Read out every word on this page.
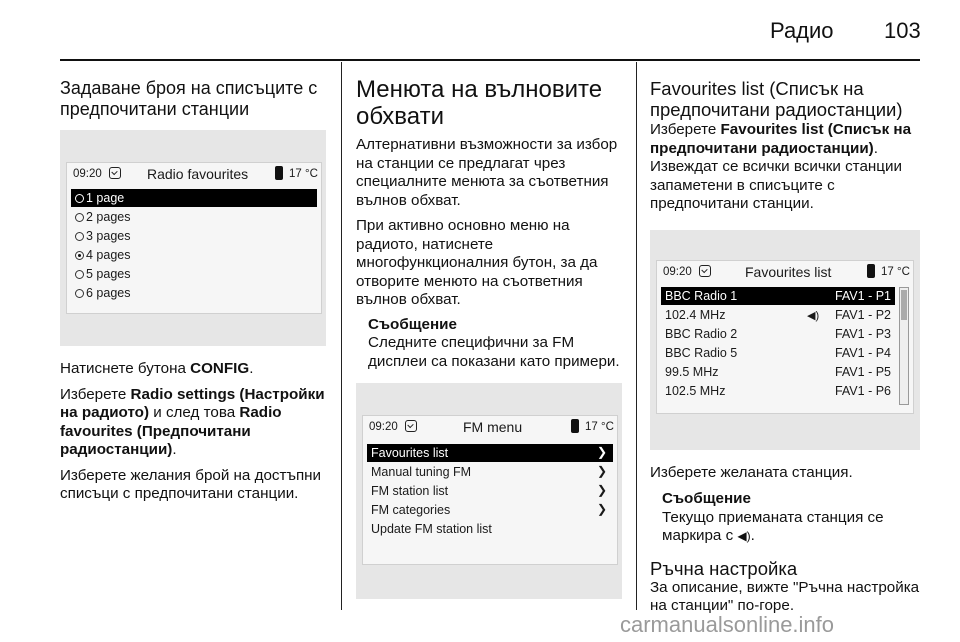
Радио 103
Задаване броя на списъците с предпочитани станции
09:20	Radio favourites	17 °C
1 page
2 pages
3 pages
4 pages
5 pages
6 pages

Натиснете бутона CONFIG.

Изберете Radio settings (Настройки на радиото) и след това Radio favourites (Предпочитани радиостанции).

Изберете желания брой на достъпни списъци с предпочитани станции.

Менюта на вълновите обхвати

Алтернативни възможности за избор на станции се предлагат чрез специалните менюта за съответния вълнов обхват.

При активно основно меню на радиото, натиснете многофункционалния бутон, за да отворите менюто на съответния вълнов обхват.

Съобщение

Следните специфични за FM дисплеи са показани като примери.

09:20	FM menu	17 °C
Favourites list	❯
Manual tuning FM	❯
FM station list	❯
FM categories	❯
Update FM station list
Favourites list (Списък на предпочитани радиостанции)

Изберете Favourites list (Списък на предпочитани радиостанции).

Извеждат се всички всички станции запаметени в списъците с предпочитани станции.

09:20	Favourites list	17 °C
BBC Radio 1	FAV1 - P1
102.4 MHz	◀) FAV1 - P2
BBC Radio 2	FAV1 - P3
BBC Radio 5	FAV1 - P4
99.5 MHz	FAV1 - P5
102.5 MHz	FAV1 - P6

Изберете желаната станция.

Съобщение

Текущо приеманата станция се маркира с ◀).

Ръчна настройка

За описание, вижте "Ръчна настройка на станции" по-горе.

carmanualsonline.info
